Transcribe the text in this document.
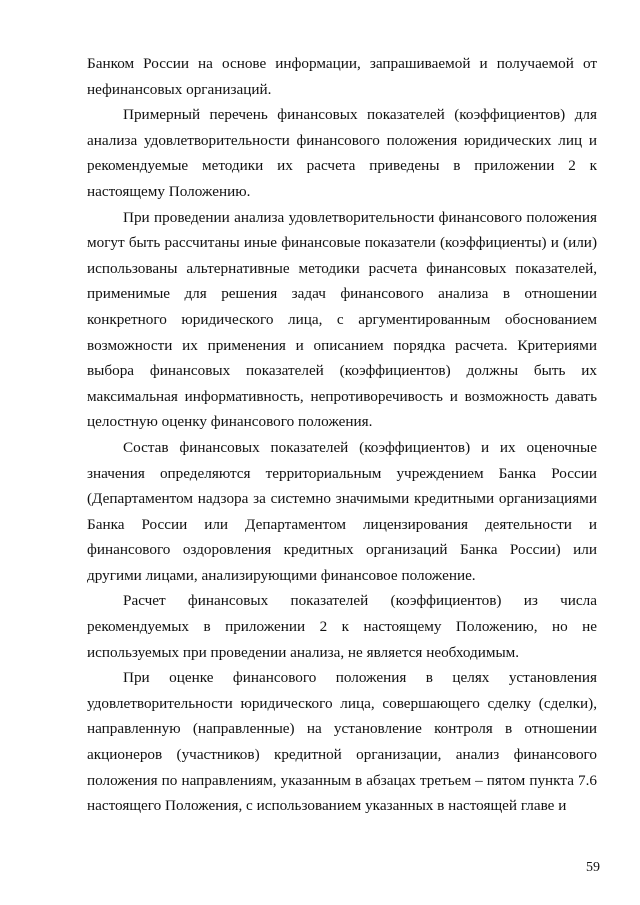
Банком России на основе информации, запрашиваемой и получаемой от нефинансовых организаций.

Примерный перечень финансовых показателей (коэффициентов) для анализа удовлетворительности финансового положения юридических лиц и рекомендуемые методики их расчета приведены в приложении 2 к настоящему Положению.

При проведении анализа удовлетворительности финансового положения могут быть рассчитаны иные финансовые показатели (коэффициенты) и (или) использованы альтернативные методики расчета финансовых показателей, применимые для решения задач финансового анализа в отношении конкретного юридического лица, с аргументированным обоснованием возможности их применения и описанием порядка расчета. Критериями выбора финансовых показателей (коэффициентов) должны быть их максимальная информативность, непротиворечивость и возможность давать целостную оценку финансового положения.

Состав финансовых показателей (коэффициентов) и их оценочные значения определяются территориальным учреждением Банка России (Департаментом надзора за системно значимыми кредитными организациями Банка России или Департаментом лицензирования деятельности и финансового оздоровления кредитных организаций Банка России) или другими лицами, анализирующими финансовое положение.

Расчет финансовых показателей (коэффициентов) из числа рекомендуемых в приложении 2 к настоящему Положению, но не используемых при проведении анализа, не является необходимым.

При оценке финансового положения в целях установления удовлетворительности юридического лица, совершающего сделку (сделки), направленную (направленные) на установление контроля в отношении акционеров (участников) кредитной организации, анализ финансового положения по направлениям, указанным в абзацах третьем – пятом пункта 7.6 настоящего Положения, с использованием указанных в настоящей главе и

59
